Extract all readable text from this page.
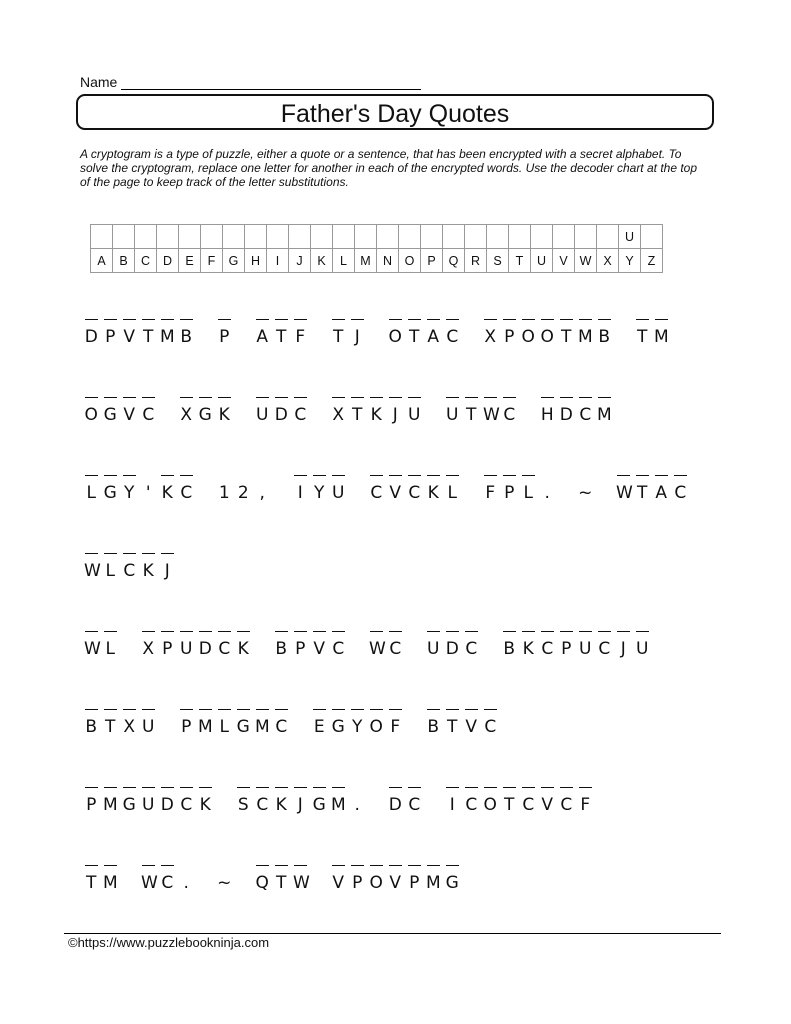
Name
Father's Day Quotes
A cryptogram is a type of puzzle, either a quote or a sentence, that has been encrypted with a secret alphabet. To solve the cryptogram, replace one letter for another in each of the encrypted words. Use the decoder chart at the top of the page to keep track of the letter substitutions.
																								U	
A	B	C	D	E	F	G	H	I	J	K	L	M	N	O	P	Q	R	S	T	U	V	W	X	Y	Z
D P V T M B
P
A T F
T J
O T A C
X P O O T M B
T M
O G V C
X G K
U D C
X T K J U
U T W C
H D C M
L G Y ' K C
1 2 ,
I Y U
C V C K L
F P L .
~
W T A C
W L C K J
W L
X P U D C K
B P V C
W C
U D C
B K C P U C J U
B T X U
P M L G M C
E G Y O F
B T V C
P M G U D C K
S C K J G M .
D C
I C O T C V C F
T M
W C .
~
Q T W
V P O V P M G
©https://www.puzzlebookninja.com
